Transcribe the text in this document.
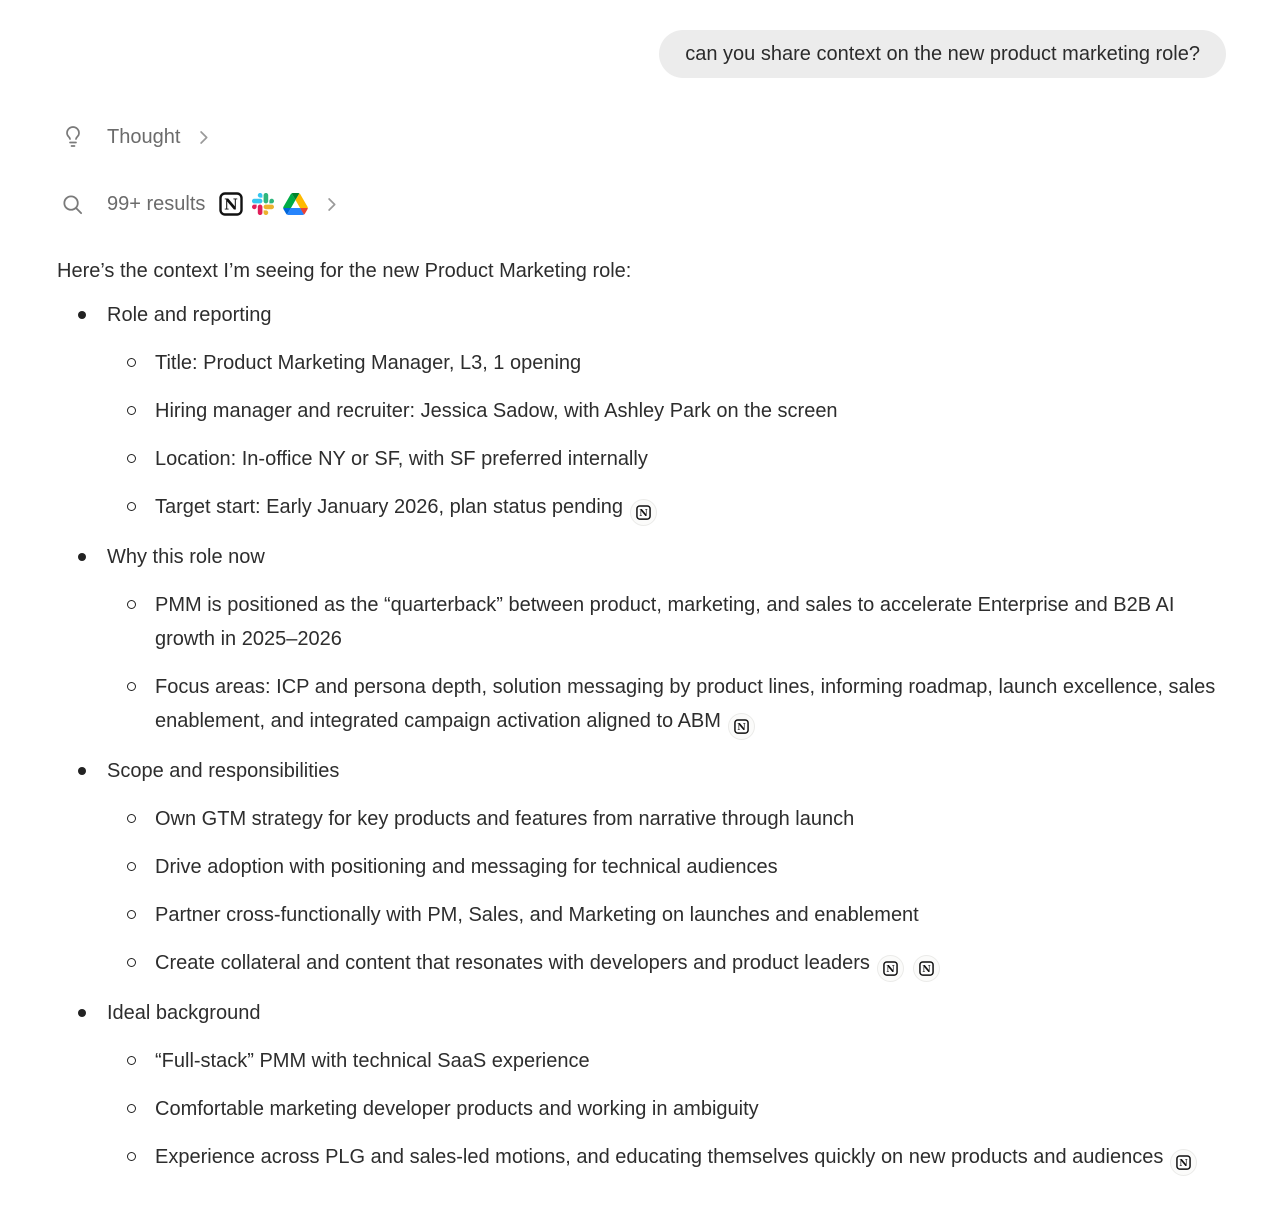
can you share context on the new product marketing role?
Thought
99+ results
Here’s the context I’m seeing for the new Product Marketing role:
Role and reporting
Title: Product Marketing Manager, L3, 1 opening
Hiring manager and recruiter: Jessica Sadow, with Ashley Park on the screen
Location: In-office NY or SF, with SF preferred internally
Target start: Early January 2026, plan status pending
Why this role now
PMM is positioned as the “quarterback” between product, marketing, and sales to accelerate Enterprise and B2B AI growth in 2025–2026
Focus areas: ICP and persona depth, solution messaging by product lines, informing roadmap, launch excellence, sales enablement, and integrated campaign activation aligned to ABM
Scope and responsibilities
Own GTM strategy for key products and features from narrative through launch
Drive adoption with positioning and messaging for technical audiences
Partner cross-functionally with PM, Sales, and Marketing on launches and enablement
Create collateral and content that resonates with developers and product leaders
Ideal background
“Full-stack” PMM with technical SaaS experience
Comfortable marketing developer products and working in ambiguity
Experience across PLG and sales-led motions, and educating themselves quickly on new products and audiences
